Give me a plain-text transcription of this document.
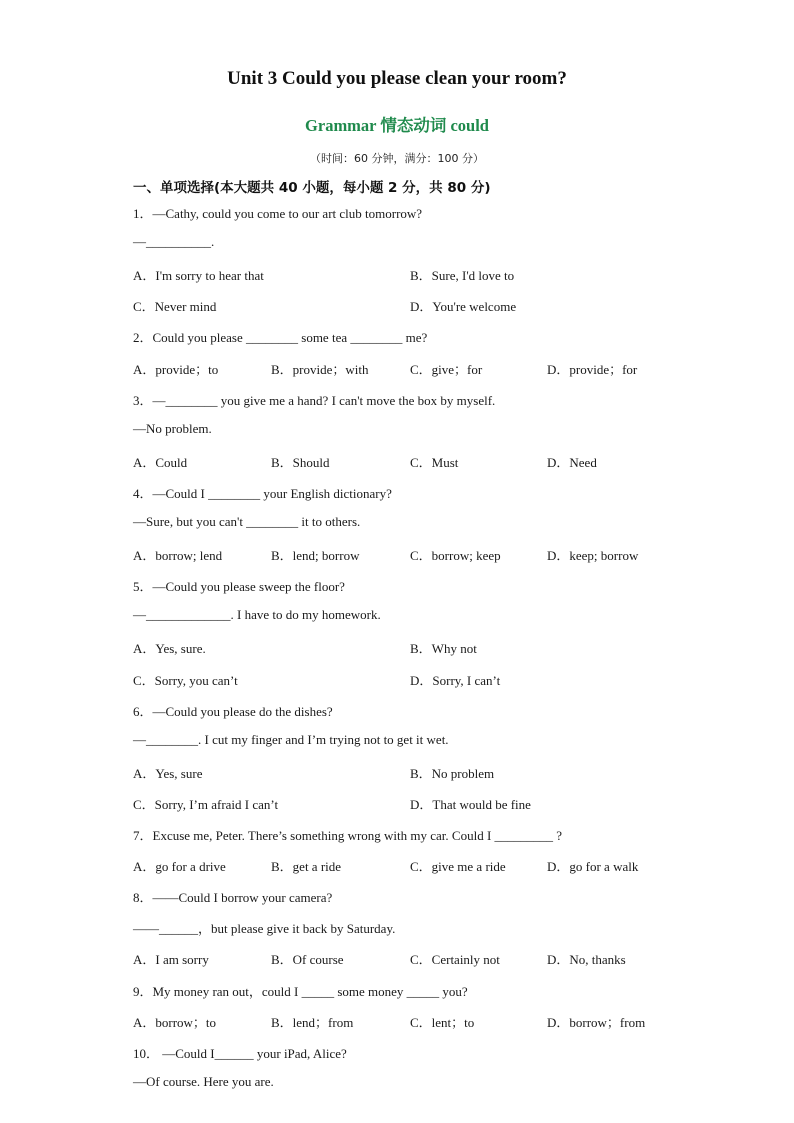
Unit 3 Could you please clean your room?
Grammar 情态动词 could
（时间：60 分钟，满分：100 分）
一、单项选择(本大题共 40 小题，每小题 2 分，共 80 分)
1．—Cathy, could you come to our art club tomorrow?
—__________.
A．I'm sorry to hear that	B．Sure, I'd love to
C．Never mind	D．You're welcome
2．Could you please ________ some tea ________ me?
A．provide；to	B．provide；with	C．give；for	D．provide；for
3．—________ you give me a hand? I can't move the box by myself.
—No problem.
A．Could	B．Should	C．Must	D．Need
4．—Could I ________ your English dictionary?
—Sure, but you can't ________ it to others.
A．borrow; lend	B．lend; borrow	C．borrow; keep	D．keep; borrow
5．—Could you please sweep the floor?
—_____________. I have to do my homework.
A．Yes, sure.	B．Why not
C．Sorry, you can’t	D．Sorry, I can’t
6．—Could you please do the dishes?
—________. I cut my finger and I’m trying not to get it wet.
A．Yes, sure	B．No problem
C．Sorry, I’m afraid I can’t	D．That would be fine
7．Excuse me, Peter. There’s something wrong with my car. Could I _________ ?
A．go for a drive	B．get a ride	C．give me a ride	D．go for a walk
8．——Could I borrow your camera?
——______，but please give it back by Saturday.
A．I am sorry	B．Of course	C．Certainly not	D．No, thanks
9．My money ran out，could I _____ some money _____ you?
A．borrow；to	B．lend；from	C．lent；to	D．borrow；from
10． —Could I______ your iPad, Alice?
—Of course. Here you are.
